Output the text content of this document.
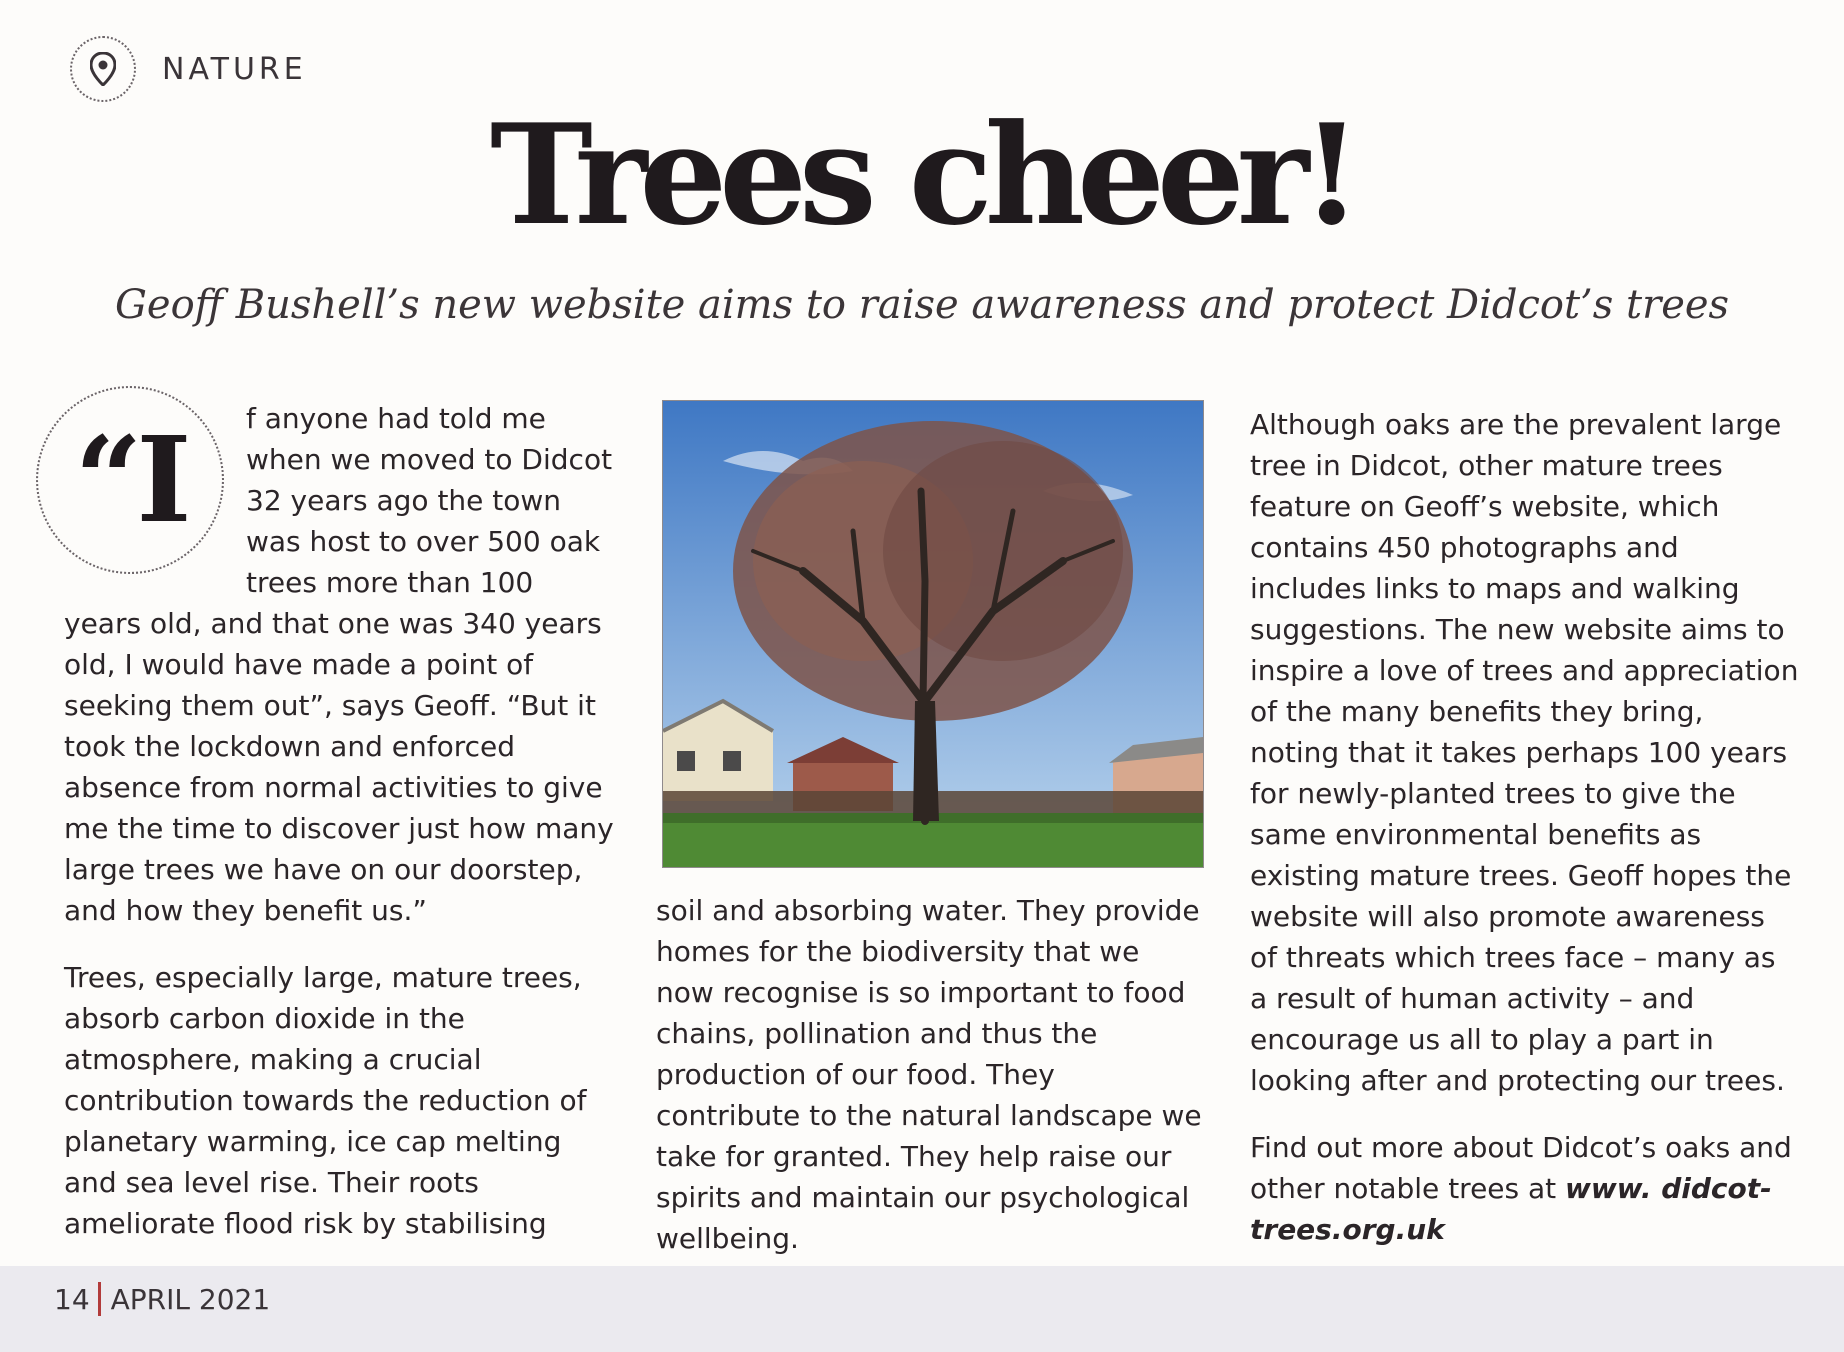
NATURE
Trees cheer!
Geoff Bushell’s new website aims to raise awareness and protect Didcot’s trees
“I	f anyone had told me when we moved to Didcot 32 years ago the town was host to over 500 oak trees more than 100 years old, and that one was 340 years old, I would have made a point of seeking them out”, says Geoff. “But it took the lockdown and enforced absence from normal activities to give me the time to discover just how many large trees we have on our doorstep, and how they benefit us.”

Trees, especially large, mature trees, absorb carbon dioxide in the atmosphere, making a crucial contribution towards the reduction of planetary warming, ice cap melting and sea level rise. Their roots ameliorate flood risk by stabilising

soil and absorbing water. They provide homes for the biodiversity that we now recognise is so important to food chains, pollination and thus the production of our food. They contribute to the natural landscape we take for granted. They help raise our spirits and maintain our psychological wellbeing.

Although oaks are the prevalent large tree in Didcot, other mature trees feature on Geoff’s website, which contains 450 photographs and includes links to maps and walking suggestions. The new website aims to inspire a love of trees and appreciation of the many benefits they bring, noting that it takes perhaps 100 years for newly-planted trees to give the same environmental benefits as existing mature trees. Geoff hopes the website will also promote awareness of threats which trees face – many as a result of human activity – and encourage us all to play a part in looking after and protecting our trees.

Find out more about Didcot’s oaks and other notable trees at www. didcot-trees.org.uk

14 APRIL 2021
